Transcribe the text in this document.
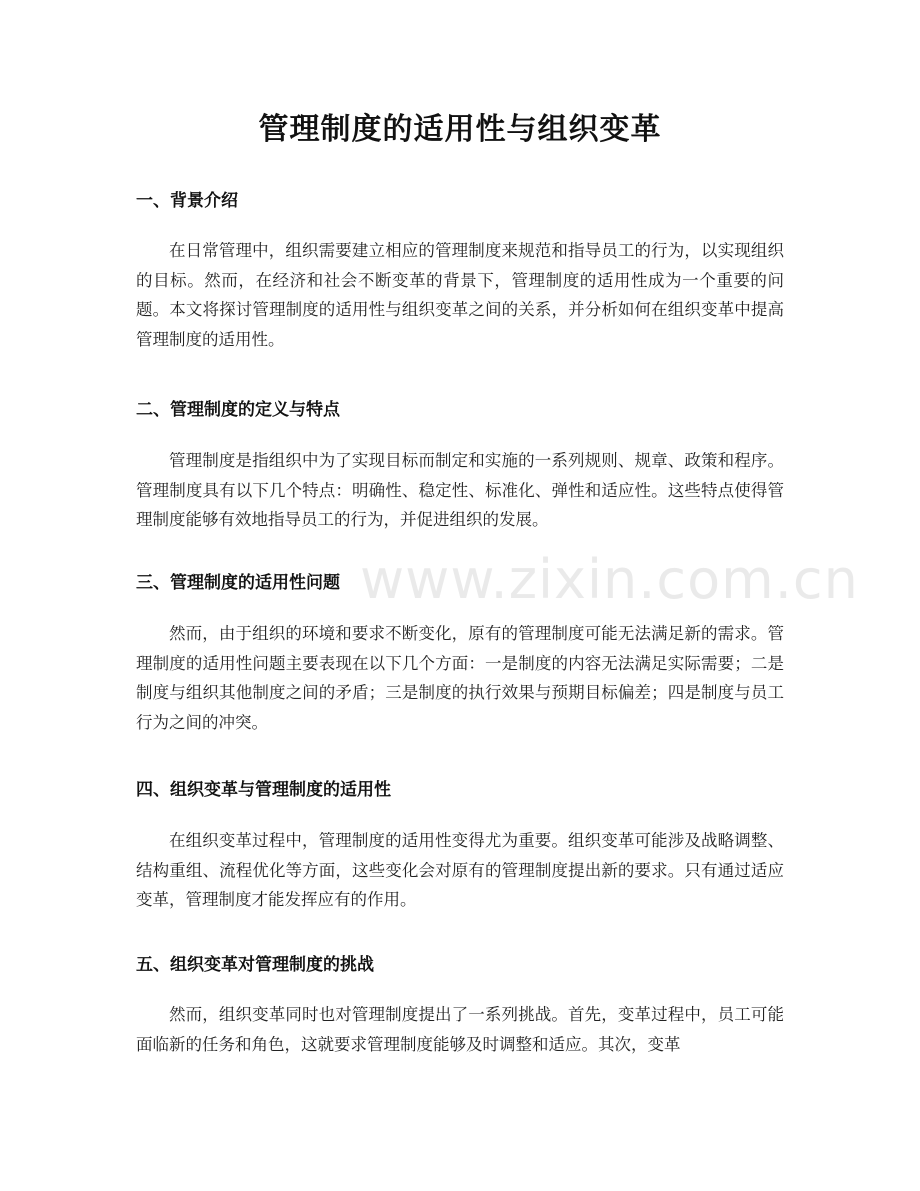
www.zixin.com.cn
管理制度的适用性与组织变革
一、背景介绍
在日常管理中，组织需要建立相应的管理制度来规范和指导员工的行为，以实现组织的目标。然而，在经济和社会不断变革的背景下，管理制度的适用性成为一个重要的问题。本文将探讨管理制度的适用性与组织变革之间的关系，并分析如何在组织变革中提高管理制度的适用性。
二、管理制度的定义与特点
管理制度是指组织中为了实现目标而制定和实施的一系列规则、规章、政策和程序。管理制度具有以下几个特点：明确性、稳定性、标准化、弹性和适应性。这些特点使得管理制度能够有效地指导员工的行为，并促进组织的发展。
三、管理制度的适用性问题
然而，由于组织的环境和要求不断变化，原有的管理制度可能无法满足新的需求。管理制度的适用性问题主要表现在以下几个方面：一是制度的内容无法满足实际需要；二是制度与组织其他制度之间的矛盾；三是制度的执行效果与预期目标偏差；四是制度与员工行为之间的冲突。
四、组织变革与管理制度的适用性
在组织变革过程中，管理制度的适用性变得尤为重要。组织变革可能涉及战略调整、结构重组、流程优化等方面，这些变化会对原有的管理制度提出新的要求。只有通过适应变革，管理制度才能发挥应有的作用。
五、组织变革对管理制度的挑战
然而，组织变革同时也对管理制度提出了一系列挑战。首先，变革过程中，员工可能面临新的任务和角色，这就要求管理制度能够及时调整和适应。其次，变革
